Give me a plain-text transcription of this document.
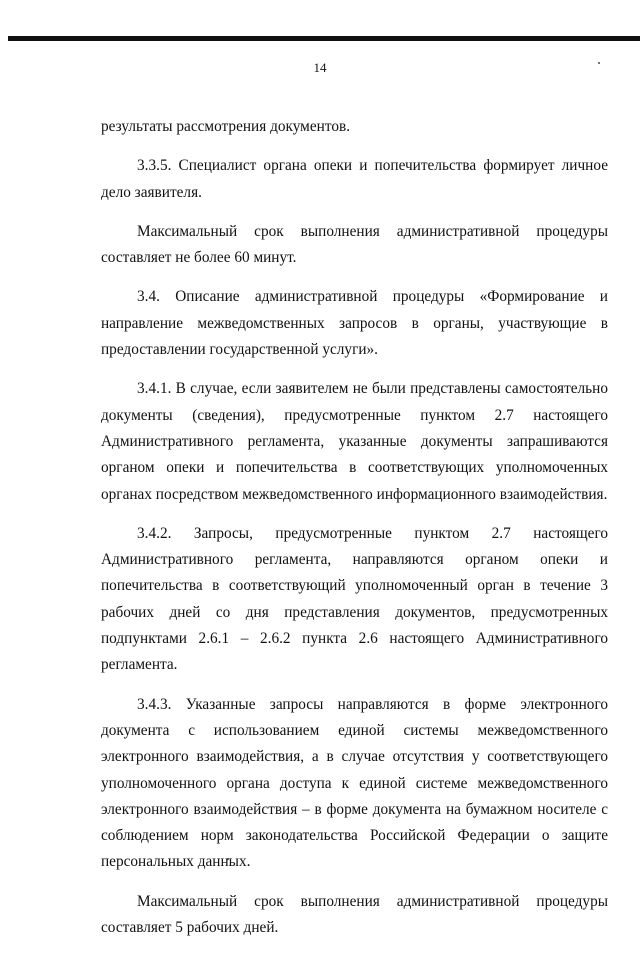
14

результаты рассмотрения документов.

3.3.5. Специалист органа опеки и попечительства формирует личное дело заявителя.

Максимальный срок выполнения административной процедуры составляет не более 60 минут.

3.4. Описание административной процедуры «Формирование и направление межведомственных запросов в органы, участвующие в предоставлении государственной услуги».

3.4.1. В случае, если заявителем не были представлены самостоятельно документы (сведения), предусмотренные пунктом 2.7 настоящего Административного регламента, указанные документы запрашиваются органом опеки и попечительства в соответствующих уполномоченных органах посредством межведомственного информационного взаимодействия.

3.4.2. Запросы, предусмотренные пунктом 2.7 настоящего Административного регламента, направляются органом опеки и попечительства в соответствующий уполномоченный орган в течение 3 рабочих дней со дня представления документов, предусмотренных подпунктами 2.6.1 – 2.6.2 пункта 2.6 настоящего Административного регламента.

3.4.3. Указанные запросы направляются в форме электронного документа с использованием единой системы межведомственного электронного взаимодействия, а в случае отсутствия у соответствующего уполномоченного органа доступа к единой системе межведомственного электронного взаимодействия – в форме документа на бумажном носителе с соблюдением норм законодательства Российской Федерации о защите персональных данных.

Максимальный срок выполнения административной процедуры составляет 5 рабочих дней.
